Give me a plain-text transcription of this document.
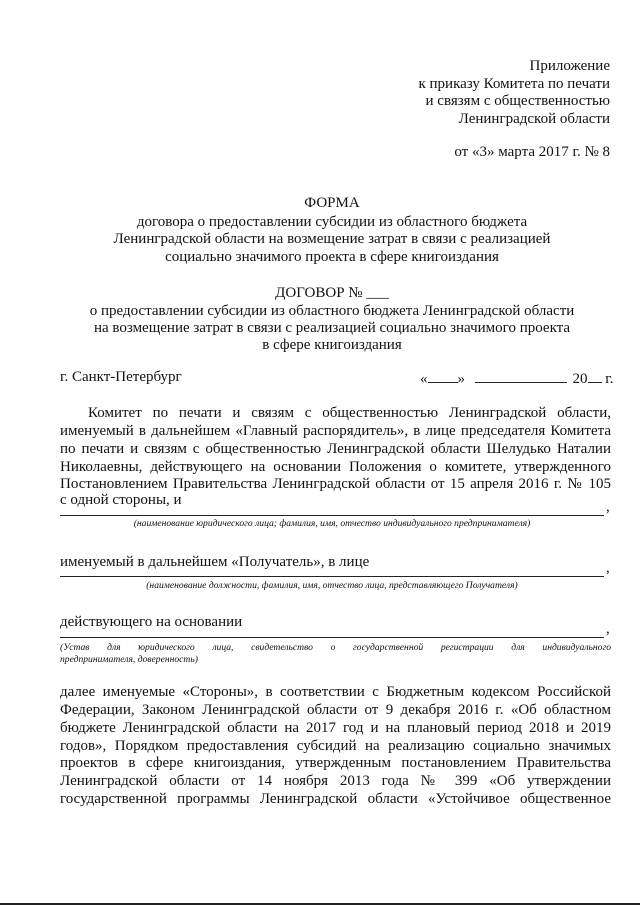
Приложение
к приказу Комитета по печати
и связям с общественностью
Ленинградской области
от «3» марта 2017 г. № 8
ФОРМА
договора о предоставлении субсидии из областного бюджета
Ленинградской области на возмещение затрат в связи с реализацией
социально значимого проекта в сфере книгоиздания
ДОГОВОР № ___
о предоставлении субсидии из областного бюджета Ленинградской области
на возмещение затрат в связи с реализацией социально значимого проекта
в сфере книгоиздания
г. Санкт-Петербург	« »	20 г.
Комитет по печати и связям с общественностью Ленинградской области,
именуемый в дальнейшем «Главный распорядитель», в лице председателя Комитета
по печати и связям с общественностью Ленинградской области Шелудько Наталии
Николаевны, действующего на основании Положения о комитете, утвержденного
Постановлением Правительства Ленинградской области от 15 апреля 2016 г. № 105
с одной стороны, и	,
(наименование юридического лица; фамилия, имя, отчество индивидуального предпринимателя)
именуемый в дальнейшем «Получатель», в лице	,
(наименование должности, фамилия, имя, отчество лица, представляющего Получателя)
действующего на основании	,
(Устав для юридического лица, свидетельство о государственной регистрации для индивидуального
предпринимателя, доверенность)
далее именуемые «Стороны», в соответствии с Бюджетным кодексом Российской
Федерации, Законом Ленинградской области от 9 декабря 2016 г. «Об областном
бюджете Ленинградской области на 2017 год и на плановый период 2018 и 2019
годов», Порядком предоставления субсидий на реализацию социально значимых
проектов в сфере книгоиздания, утвержденным постановлением Правительства
Ленинградской области от 14 ноября 2013 года № 399 «Об утверждении
государственной программы Ленинградской области «Устойчивое общественное
